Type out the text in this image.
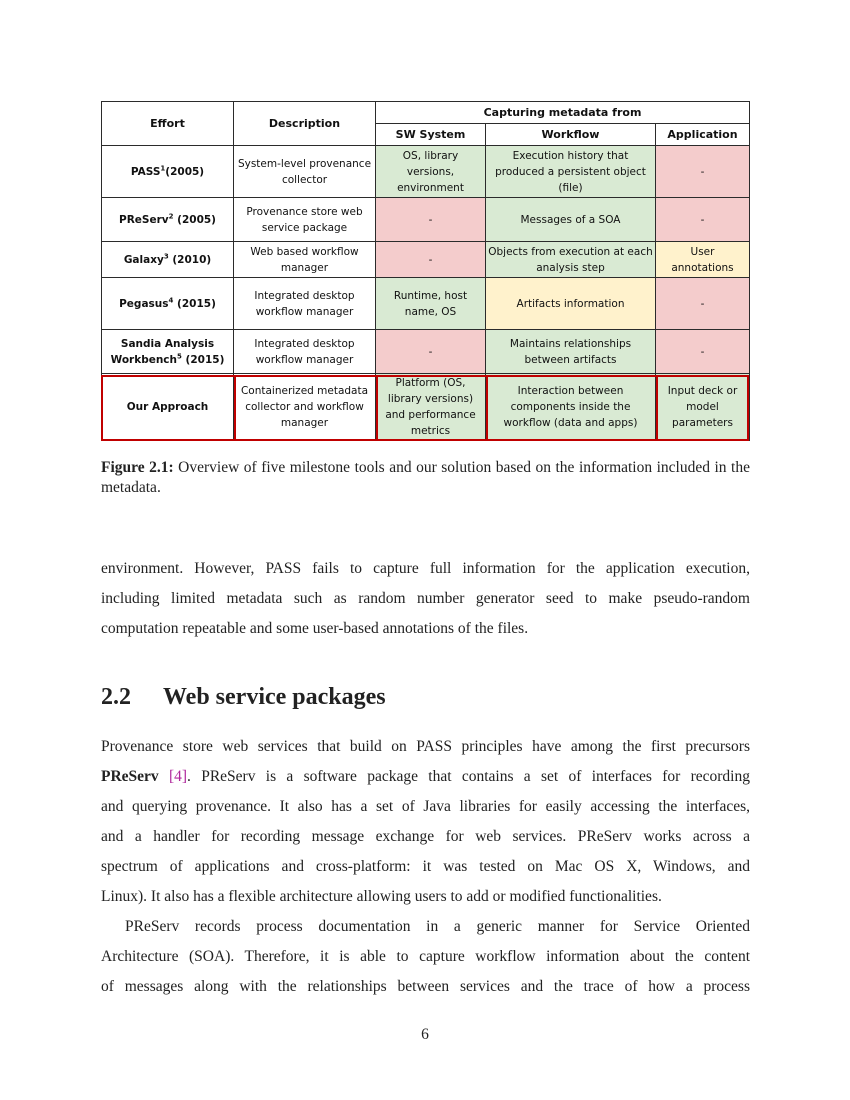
Effort	Description	Capturing metadata from		
		SW System	Workflow	Application
PASS$^1$(2005)	System-level provenance collector	OS, library versions, environment	Execution history that produced a persistent object (file)	-
PReServ$^2$ (2005)	Provenance store web service package	-	Messages of a SOA	-
Galaxy$^3$ (2010)	Web based workflow manager	-	Objects from execution at each analysis step	User annotations
Pegasus$^4$ (2015)	Integrated desktop workflow manager	Runtime, host name, OS	Artifacts information	-
Sandia Analysis Workbench$^5$ (2015)	Integrated desktop workflow manager	-	Maintains relationships between artifacts	-
Our Approach	Containerized metadata collector and workflow manager	Platform (OS, library versions) and performance metrics	Interaction between components inside the workflow (data and apps)	Input deck or model parameters
Figure 2.1: Overview of five milestone tools and our solution based on the information included in the metadata.

environment. However, PASS fails to capture full information for the application execution,
including limited metadata such as random number generator seed to make pseudo-random
computation repeatable and some user-based annotations of the files.

2.2 Web service packages

Provenance store web services that build on PASS principles have among the first precursors
PReServ [4]. PReServ is a software package that contains a set of interfaces for recording
and querying provenance. It also has a set of Java libraries for easily accessing the interfaces,
and a handler for recording message exchange for web services. PReServ works across a
spectrum of applications and cross-platform: it was tested on Mac OS X, Windows, and
Linux). It also has a flexible architecture allowing users to add or modified functionalities.

PReServ records process documentation in a generic manner for Service Oriented
Architecture (SOA). Therefore, it is able to capture workflow information about the content
of messages along with the relationships between services and the trace of how a process

6
